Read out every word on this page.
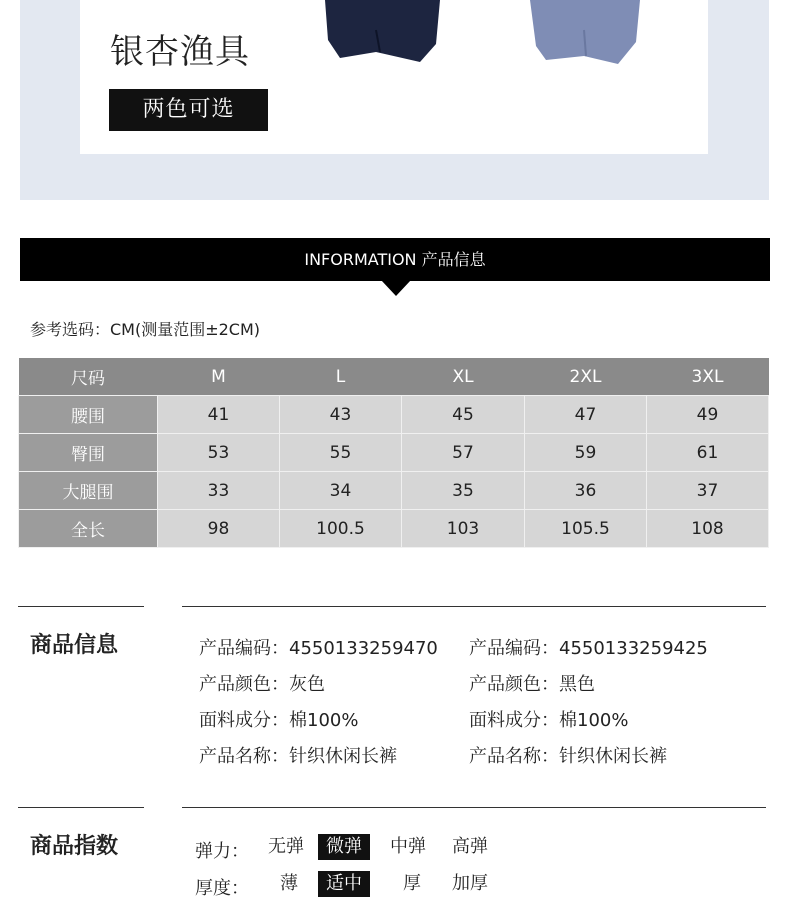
银杏渔具
两色可选
INFORMATION 产品信息
参考选码：CM(测量范围±2CM)
尺码	M	L	XL	2XL	3XL
腰围	41	43	45	47	49
臀围	53	55	57	59	61
大腿围	33	34	35	36	37
全长	98	100.5	103	105.5	108
商品信息	产品编码：4550133259470
产品颜色：灰色
面料成分：棉100%
产品名称：针织休闲长裤
产品编码：4550133259425
产品颜色：黑色
面料成分：棉100%
产品名称：针织休闲长裤
商品指数	弹力：	无弹	微弹	中弹	高弹
厚度：	薄	适中	厚	加厚
